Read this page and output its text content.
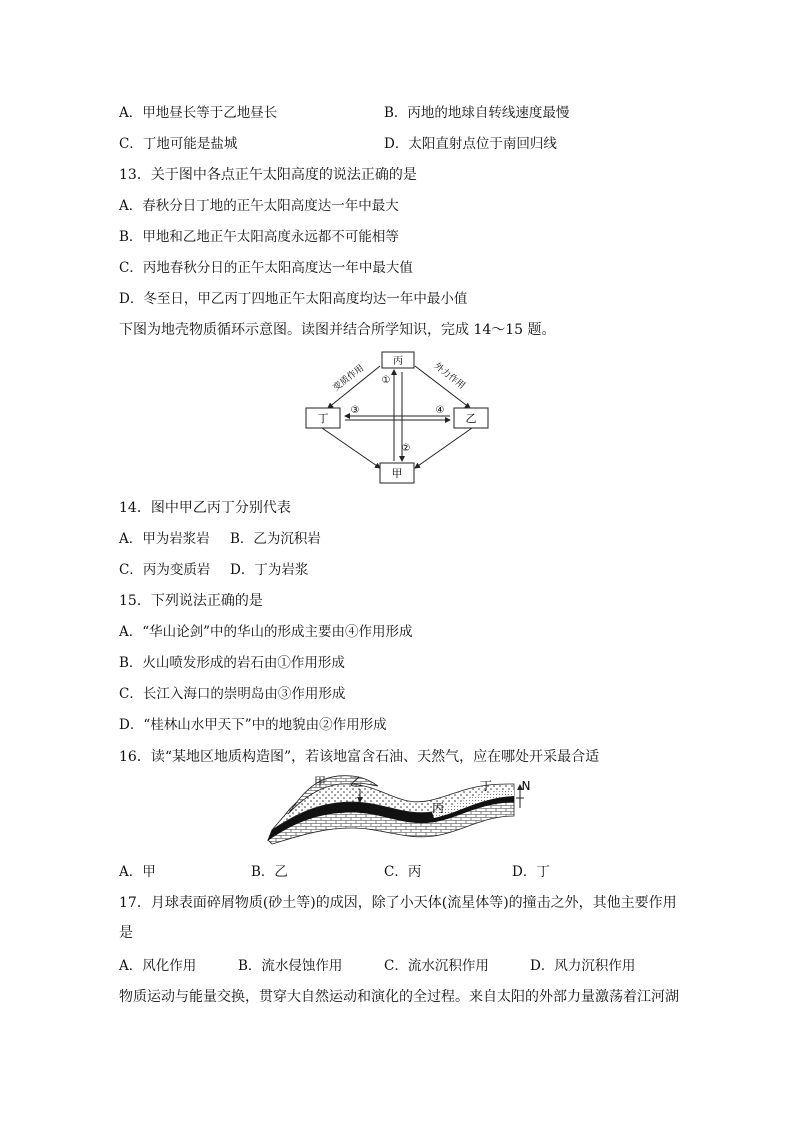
A．甲地昼长等于乙地昼长	B．丙地的地球自转线速度最慢
C．丁地可能是盐城	D．太阳直射点位于南回归线
13．关于图中各点正午太阳高度的说法正确的是
A．春秋分日丁地的正午太阳高度达一年中最大
B．甲地和乙地正午太阳高度永远都不可能相等
C．丙地春秋分日的正午太阳高度达一年中最大值
D．冬至日，甲乙丙丁四地正午太阳高度均达一年中最小值
下图为地壳物质循环示意图。读图并结合所学知识，完成 14～15 题。
丙
丁	乙
甲
变质作用	外力作用
①
②
③	④
14．图中甲乙丙丁分别代表
A．甲为岩浆岩 B．乙为沉积岩
C．丙为变质岩 D．丁为岩浆
15．下列说法正确的是
A．“华山论剑”中的华山的形成主要由④作用形成
B．火山喷发形成的岩石由①作用形成
C．长江入海口的崇明岛由③作用形成
D．“桂林山水甲天下”中的地貌由②作用形成
16．读“某地区地质构造图”，若该地富含石油、天然气，应在哪处开采最合适
甲 乙
丙
丁 N
A．甲	B．乙	C．丙	D．丁
17．月球表面碎屑物质(砂土等)的成因，除了小天体(流星体等)的撞击之外，其他主要作用
是
A．风化作用	B．流水侵蚀作用	C．流水沉积作用	D．风力沉积作用
物质运动与能量交换，贯穿大自然运动和演化的全过程。来自太阳的外部力量激荡着江河湖
